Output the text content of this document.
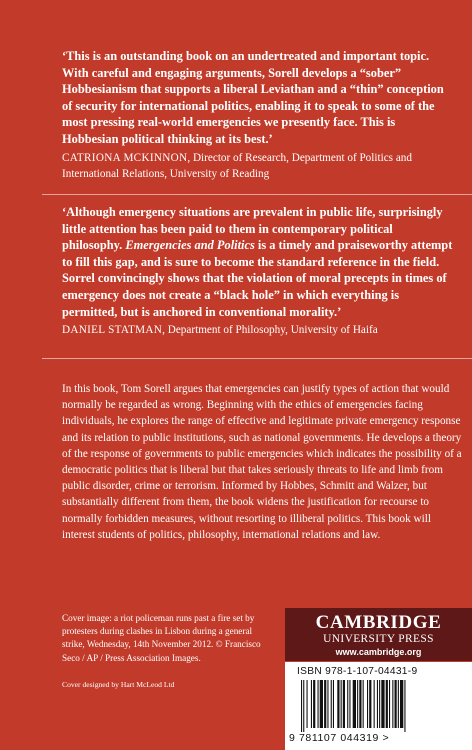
‘This is an outstanding book on an undertreated and important topic. With careful and engaging arguments, Sorell develops a “sober” Hobbesianism that supports a liberal Leviathan and a “thin” conception of security for international politics, enabling it to speak to some of the most pressing real-world emergencies we presently face. This is Hobbesian political thinking at its best.’

CATRIONA MCKINNON, Director of Research, Department of Politics and International Relations, University of Reading

‘Although emergency situations are prevalent in public life, surprisingly little attention has been paid to them in contemporary political philosophy. Emergencies and Politics is a timely and praiseworthy attempt to fill this gap, and is sure to become the standard reference in the field. Sorrel convincingly shows that the violation of moral precepts in times of emergency does not create a “black hole” in which everything is permitted, but is anchored in conventional morality.’

DANIEL STATMAN, Department of Philosophy, University of Haifa

In this book, Tom Sorell argues that emergencies can justify types of action that would normally be regarded as wrong. Beginning with the ethics of emergencies facing individuals, he explores the range of effective and legitimate private emergency response and its relation to public institutions, such as national governments. He develops a theory of the response of governments to public emergencies which indicates the possibility of a democratic politics that is liberal but that takes seriously threats to life and limb from public disorder, crime or terrorism. Informed by Hobbes, Schmitt and Walzer, but substantially different from them, the book widens the justification for recourse to normally forbidden measures, without resorting to illiberal politics. This book will interest students of politics, philosophy, international relations and law.

Cover image: a riot policeman runs past a fire set by protesters during clashes in Lisbon during a general strike, Wednesday, 14th November 2012. © Francisco Seco / AP / Press Association Images.

Cover designed by Hart McLeod Ltd

CAMBRIDGE
UNIVERSITY PRESS
www.cambridge.org
ISBN 978-1-107-04431-9
9 781107 044319 >
